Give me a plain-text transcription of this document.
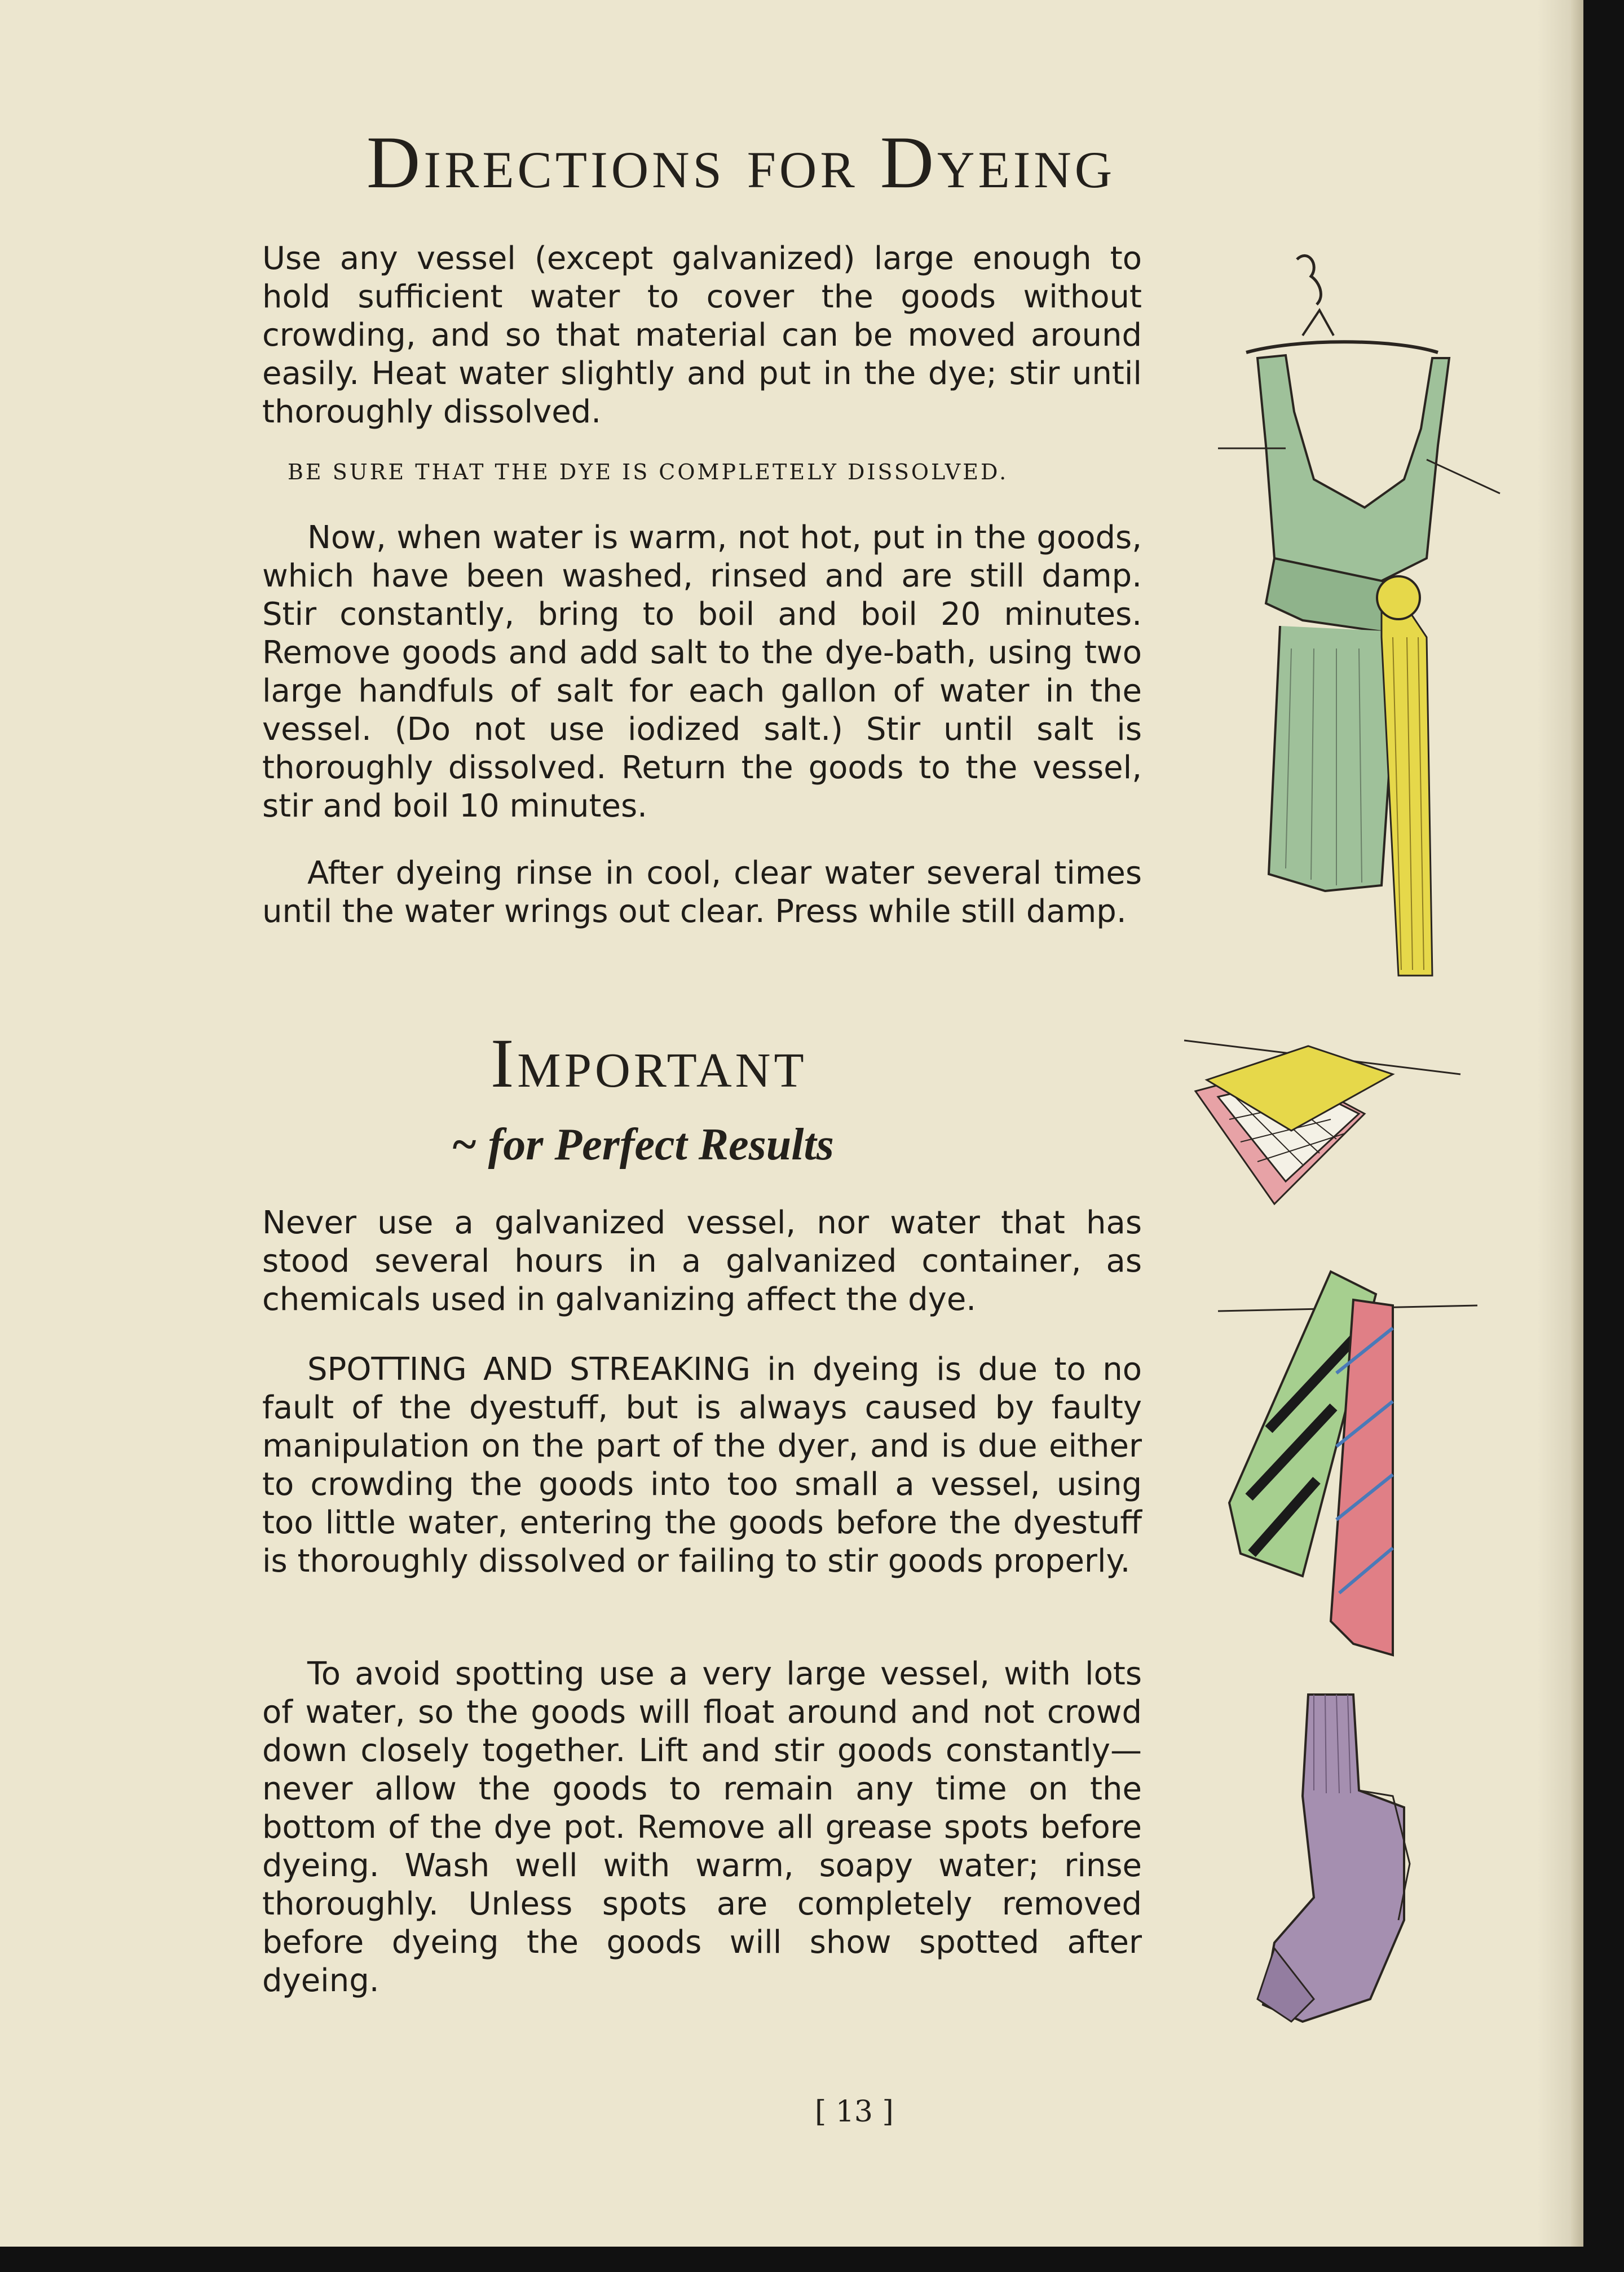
Directions for Dyeing

Use any vessel (except galvanized) large enough to hold sufficient water to cover the goods without crowding, and so that material can be moved around easily. Heat water slightly and put in the dye; stir until thoroughly dissolved.

BE SURE THAT THE DYE IS COMPLETELY DISSOLVED.

Now, when water is warm, not hot, put in the goods, which have been washed, rinsed and are still damp. Stir constantly, bring to boil and boil 20 minutes. Remove goods and add salt to the dye-bath, using two large handfuls of salt for each gallon of water in the vessel. (Do not use iodized salt.) Stir until salt is thoroughly dissolved. Return the goods to the vessel, stir and boil 10 minutes.

After dyeing rinse in cool, clear water several times until the water wrings out clear. Press while still damp.

Important
~ for Perfect Results

Never use a galvanized vessel, nor water that has stood several hours in a galvanized container, as chemicals used in galvanizing affect the dye.

SPOTTING AND STREAKING in dyeing is due to no fault of the dyestuff, but is always caused by faulty manipulation on the part of the dyer, and is due either to crowding the goods into too small a vessel, using too little water, entering the goods before the dyestuff is thoroughly dissolved or failing to stir goods properly.

To avoid spotting use a very large vessel, with lots of water, so the goods will float around and not crowd down closely together. Lift and stir goods constantly—never allow the goods to remain any time on the bottom of the dye pot. Remove all grease spots before dyeing. Wash well with warm, soapy water; rinse thoroughly. Unless spots are completely removed before dyeing the goods will show spotted after dyeing.

[ 13 ]
